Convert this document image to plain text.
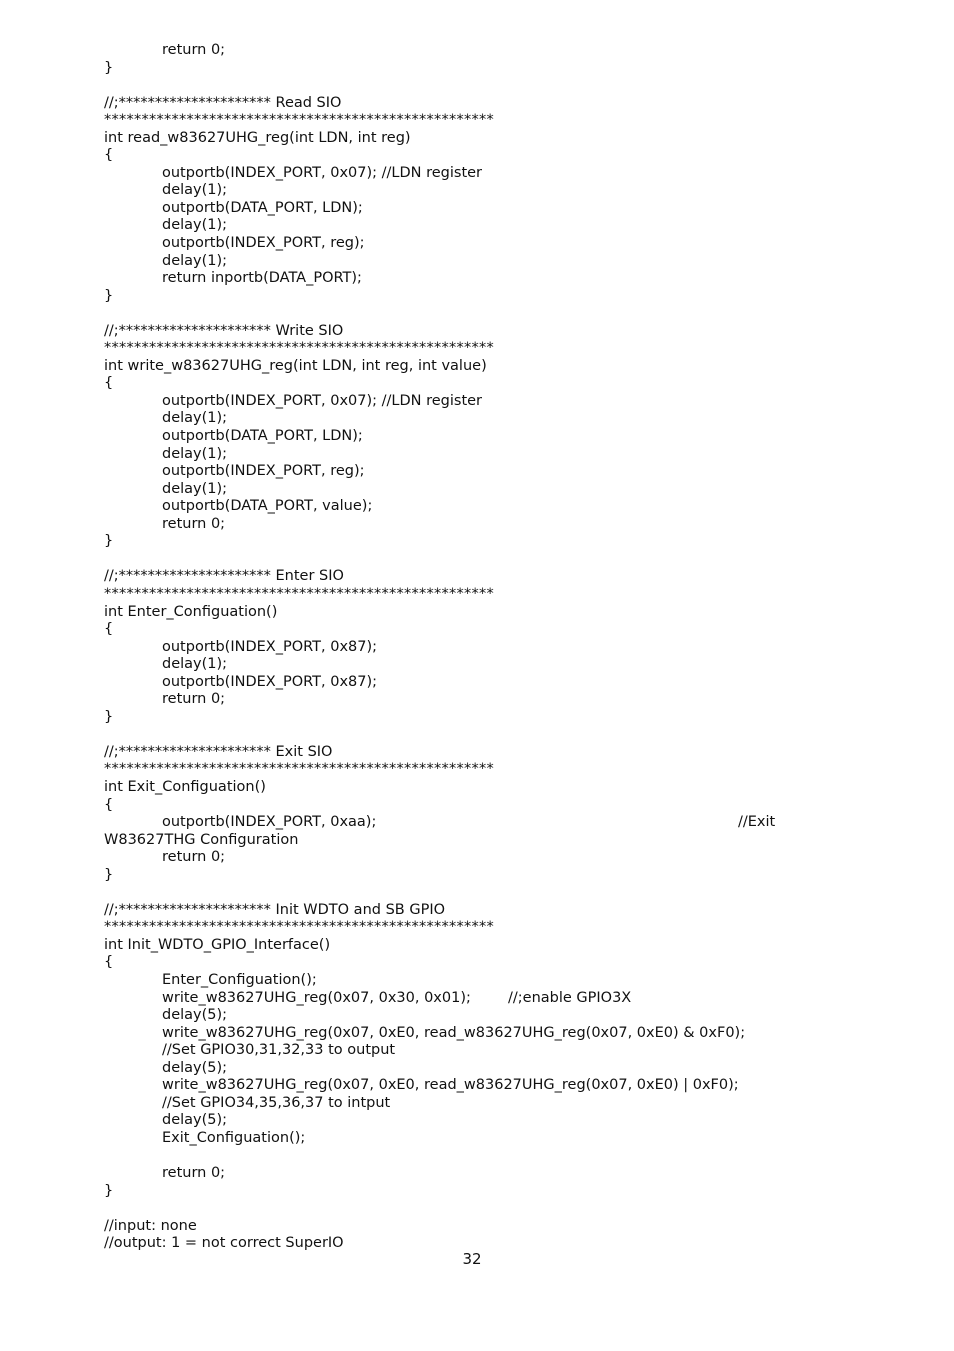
return 0;
}
//;********************* Read SIO
****************************************************
int read_w83627UHG_reg(int LDN, int reg)
{
outportb(INDEX_PORT, 0x07); //LDN register
delay(1);
outportb(DATA_PORT, LDN);
delay(1);
outportb(INDEX_PORT, reg);
delay(1);
return inportb(DATA_PORT);
}
//;********************* Write SIO
****************************************************
int write_w83627UHG_reg(int LDN, int reg, int value)
{
outportb(INDEX_PORT, 0x07); //LDN register
delay(1);
outportb(DATA_PORT, LDN);
delay(1);
outportb(INDEX_PORT, reg);
delay(1);
outportb(DATA_PORT, value);
return 0;
}
//;********************* Enter SIO
****************************************************
int Enter_Configuation()
{
outportb(INDEX_PORT, 0x87);
delay(1);
outportb(INDEX_PORT, 0x87);
return 0;
}
//;********************* Exit SIO
****************************************************
int Exit_Configuation()
{
outportb(INDEX_PORT, 0xaa);	//Exit
W83627THG Configuration
return 0;
}
//;********************* Init WDTO and SB GPIO
****************************************************
int Init_WDTO_GPIO_Interface()
{
Enter_Configuation();
write_w83627UHG_reg(0x07, 0x30, 0x01);	//;enable GPIO3X
delay(5);
write_w83627UHG_reg(0x07, 0xE0, read_w83627UHG_reg(0x07, 0xE0) & 0xF0);
//Set GPIO30,31,32,33 to output
delay(5);
write_w83627UHG_reg(0x07, 0xE0, read_w83627UHG_reg(0x07, 0xE0) | 0xF0);
//Set GPIO34,35,36,37 to intput
delay(5);
Exit_Configuation();
return 0;
}
//input: none
//output: 1 = not correct SuperIO
32
